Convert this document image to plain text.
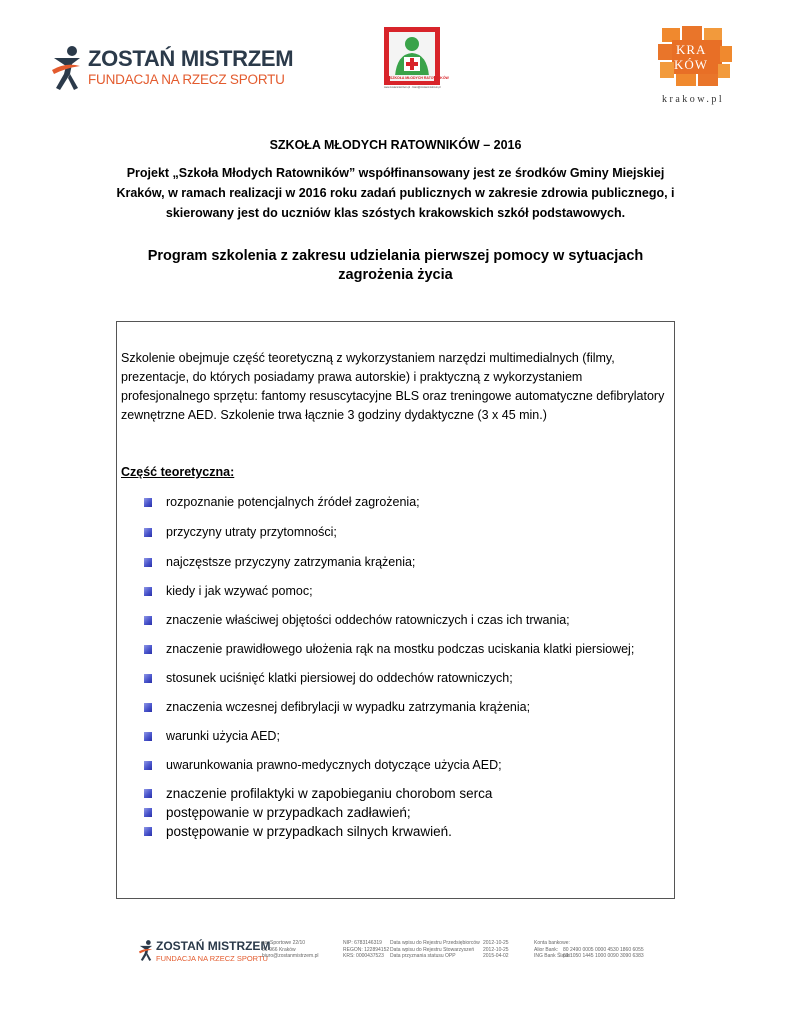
ZOSTAŃ MISTRZEM
FUNDACJA NA RZECZ SPORTU	SZKOŁA MŁODYCH RATOWNIKÓW
www.zostanmistrzem.pl · biuro@zostanmistrzem.pl
KRA
KÓW
krakow.pl
SZKOŁA MŁODYCH RATOWNIKÓW – 2016
Projekt „Szkoła Młodych Ratowników” współfinansowany jest ze środków Gminy Miejskiej Kraków, w ramach realizacji w 2016 roku zadań publicznych w zakresie zdrowia publicznego, i skierowany jest do uczniów klas szóstych krakowskich szkół podstawowych.
Program szkolenia z zakresu udzielania pierwszej pomocy w sytuacjach zagrożenia życia
Szkolenie obejmuje część teoretyczną z wykorzystaniem narzędzi multimedialnych (filmy, prezentacje, do których posiadamy prawa autorskie) i praktyczną z wykorzystaniem profesjonalnego sprzętu: fantomy resuscytacyjne BLS oraz treningowe automatyczne defibrylatory zewnętrzne AED. Szkolenie trwa łącznie 3 godziny dydaktyczne (3 x 45 min.)
Część teoretyczna:
rozpoznanie potencjalnych źródeł zagrożenia;
przyczyny utraty przytomności;
najczęstsze przyczyny zatrzymania krążenia;
kiedy i jak wzywać pomoc;
znaczenie właściwej objętości oddechów ratowniczych i czas ich trwania;
znaczenie prawidłowego ułożenia rąk na mostku podczas uciskania klatki piersiowej;
stosunek uciśnięć klatki piersiowej do oddechów ratowniczych;
znaczenia wczesnej defibrylacji w wypadku zatrzymania krążenia;
warunki użycia AED;
uwarunkowania prawno-medycznych dotyczące użycia AED;
znaczenie profilaktyki w zapobieganiu chorobom serca
postępowanie w przypadkach zadławień;
postępowanie w przypadkach silnych krwawień.
ZOSTAŃ MISTRZEM
FUNDACJA NA RZECZ SPORTU
os. Sportowe 22/10
31-966 Kraków
biuro@zostanmistrzem.pl
NIP: 6783146319
REGON: 122894152
KRS: 0000437523
Data wpisu do Rejestru Przedsiębiorców
Data wpisu do Rejestru Stowarzyszeń
Data przyznania statusu OPP
2012-10-25
2012-10-25
2015-04-02
Konta bankowe:
Alior Bank:
ING Bank Śląski:

80 2490 0005 0000 4530 1860 6055
69 1050 1445 1000 0090 3090 6383
